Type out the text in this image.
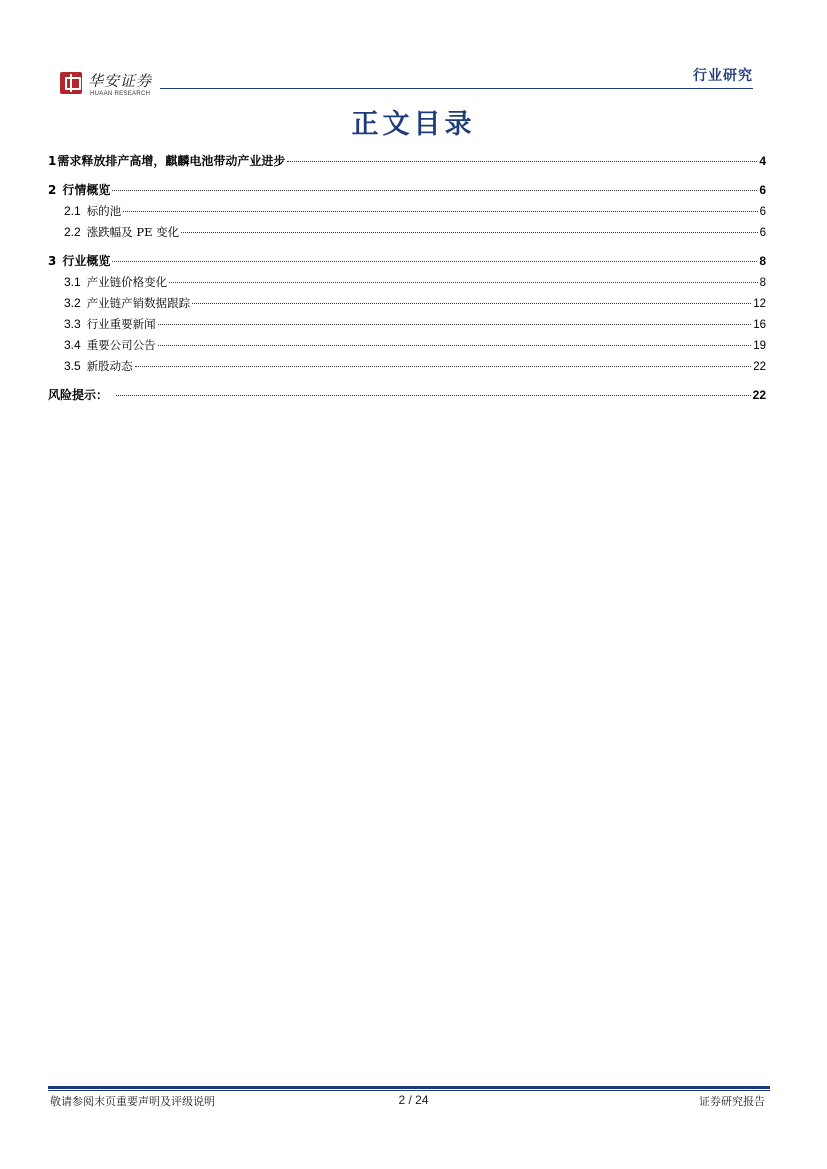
华安证券
HUAAN RESEARCH
行业研究
正文目录
1 需求释放排产高增，麒麟电池带动产业进步	4
2 行情概览	6
2.1 标的池	6
2.2 涨跌幅及 PE 变化	6
3 行业概览	8
3.1 产业链价格变化	8
3.2 产业链产销数据跟踪	12
3.3 行业重要新闻	16
3.4 重要公司公告	19
3.5 新股动态	22
风险提示：	22
敬请参阅末页重要声明及评级说明	2 / 24	证券研究报告
